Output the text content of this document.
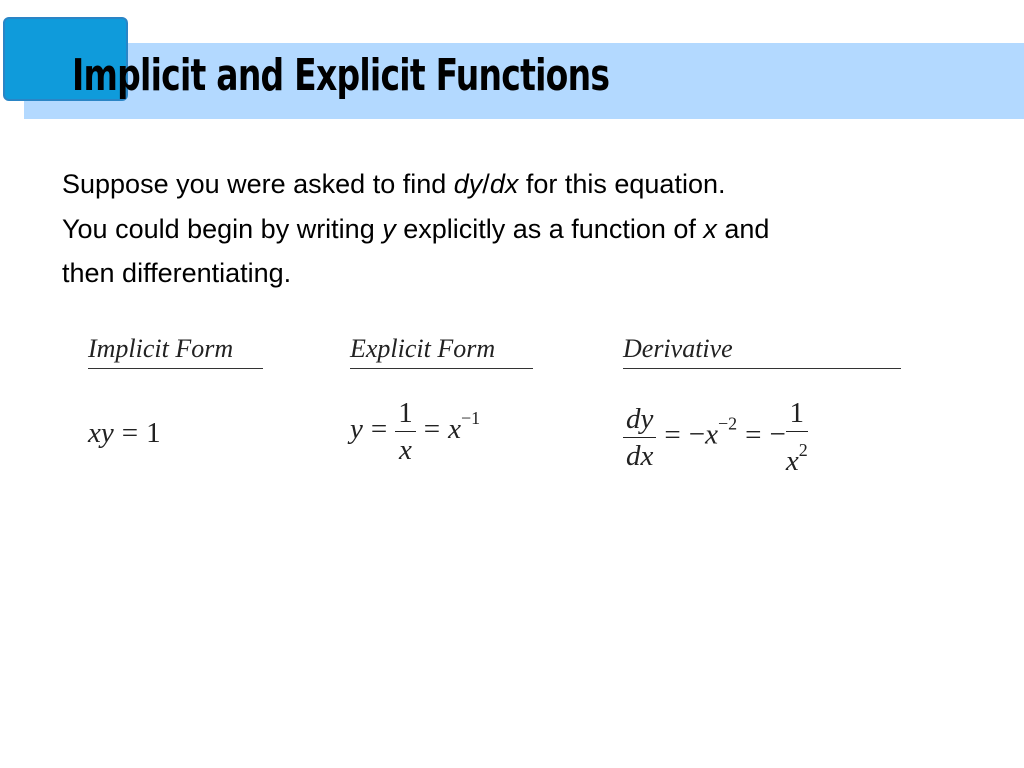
Implicit and Explicit Functions
Suppose you were asked to find dy/dx for this equation.
You could begin by writing y explicitly as a function of x and
then differentiating.
Implicit Form	Explicit Form	Derivative
xy = 1	$y = \frac{1}{x} = x^{-1}$	$\frac{dy}{dx} = -x^{-2}$ = − $\frac{1}{x^2}$
